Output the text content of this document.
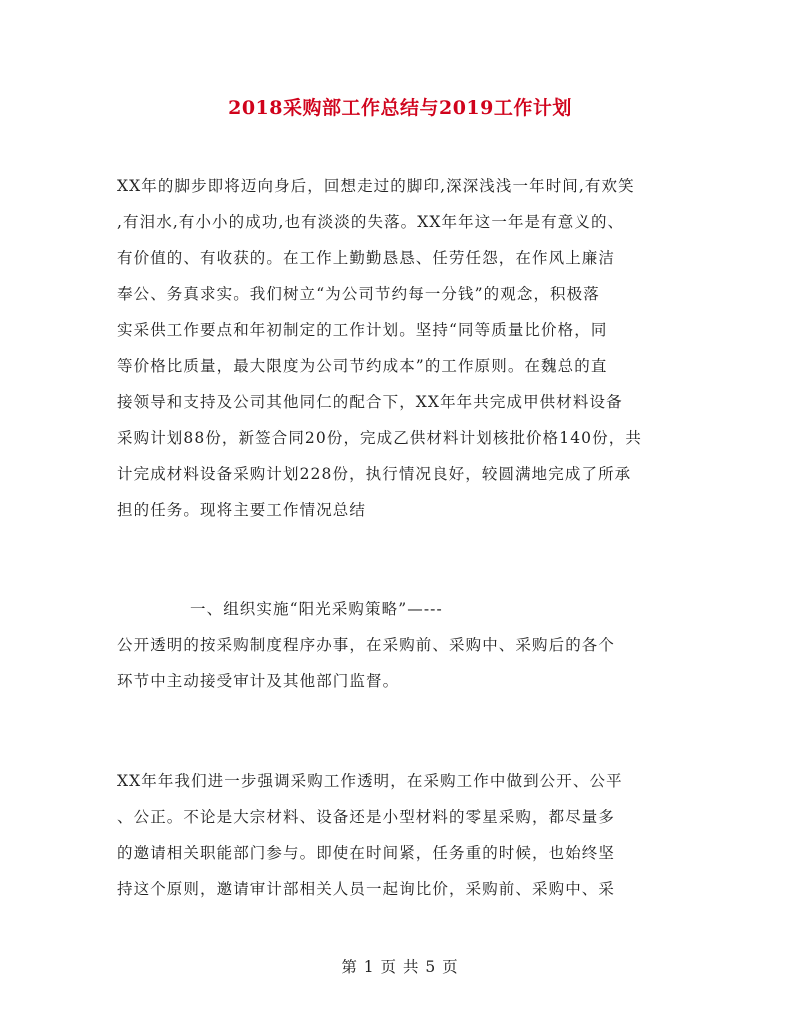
2018采购部工作总结与2019工作计划
XX年的脚步即将迈向身后，回想走过的脚印,深深浅浅一年时间,有欢笑
,有泪水,有小小的成功,也有淡淡的失落。XX年年这一年是有意义的、
有价值的、有收获的。在工作上勤勤恳恳、任劳任怨，在作风上廉洁
奉公、务真求实。我们树立“为公司节约每一分钱”的观念，积极落
实采供工作要点和年初制定的工作计划。坚持“同等质量比价格，同
等价格比质量，最大限度为公司节约成本”的工作原则。在魏总的直
接领导和支持及公司其他同仁的配合下，XX年年共完成甲供材料设备
采购计划88份，新签合同20份，完成乙供材料计划核批价格140份，共
计完成材料设备采购计划228份，执行情况良好，较圆满地完成了所承
担的任务。现将主要工作情况总结
一、组织实施“阳光采购策略”—---
公开透明的按采购制度程序办事，在采购前、采购中、采购后的各个
环节中主动接受审计及其他部门监督。
XX年年我们进一步强调采购工作透明，在采购工作中做到公开、公平
、公正。不论是大宗材料、设备还是小型材料的零星采购，都尽量多
的邀请相关职能部门参与。即使在时间紧，任务重的时候，也始终坚
持这个原则，邀请审计部相关人员一起询比价，采购前、采购中、采
第 1 页 共 5 页
